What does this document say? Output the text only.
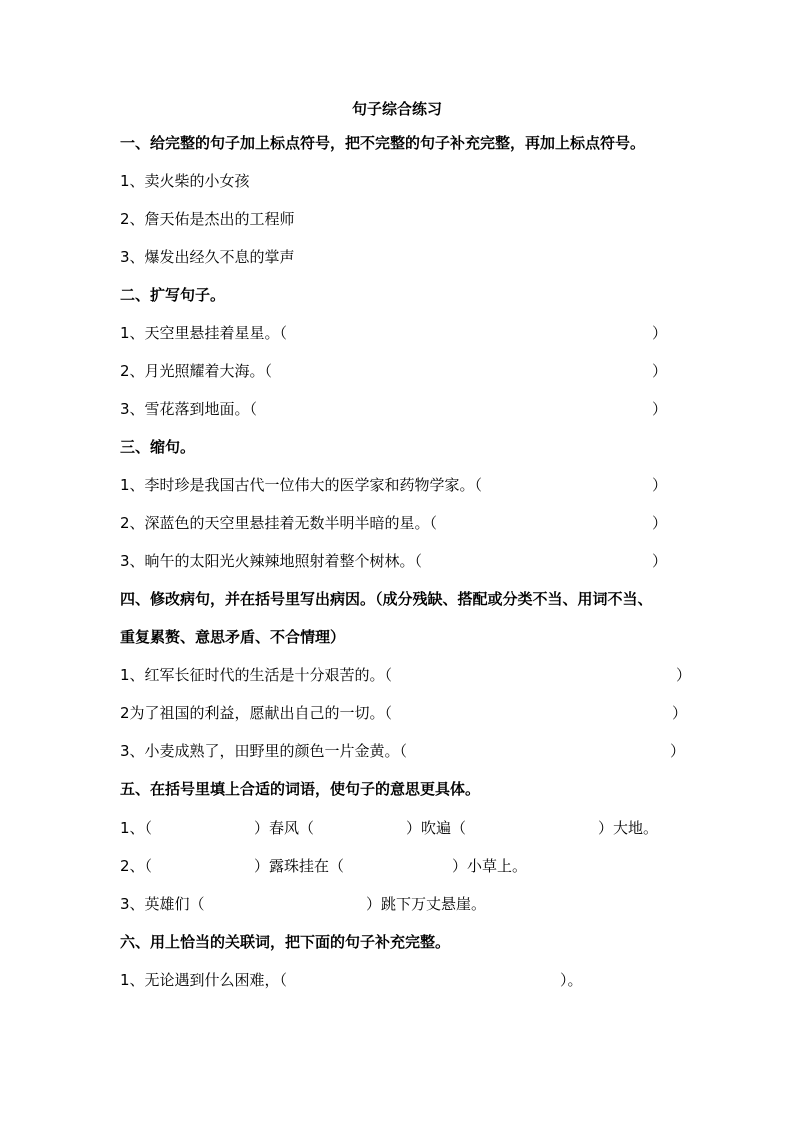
句子综合练习
一、给完整的句子加上标点符号，把不完整的句子补充完整，再加上标点符号。
1、卖火柴的小女孩
2、詹天佑是杰出的工程师
3、爆发出经久不息的掌声
二、扩写句子。
1、天空里悬挂着星星。（	）
2、月光照耀着大海。（	）
3、雪花落到地面。（	）
三、缩句。
1、李时珍是我国古代一位伟大的医学家和药物学家。（	）
2、深蓝色的天空里悬挂着无数半明半暗的星。（	）
3、晌午的太阳光火辣辣地照射着整个树林。（	）
四、修改病句，并在括号里写出病因。（成分残缺、搭配或分类不当、用词不当、
重复累赘、意思矛盾、不合情理）
1、红军长征时代的生活是十分艰苦的。（	）
2为了祖国的利益，愿献出自己的一切。（	）
3、小麦成熟了，田野里的颜色一片金黄。（	）
五、在括号里填上合适的词语，使句子的意思更具体。
1、（	）春风（	）吹遍（	）大地。
2、（	）露珠挂在（	）小草上。
3、英雄们（	）跳下万丈悬崖。
六、用上恰当的关联词，把下面的句子补充完整。
1、无论遇到什么困难，（	）。
